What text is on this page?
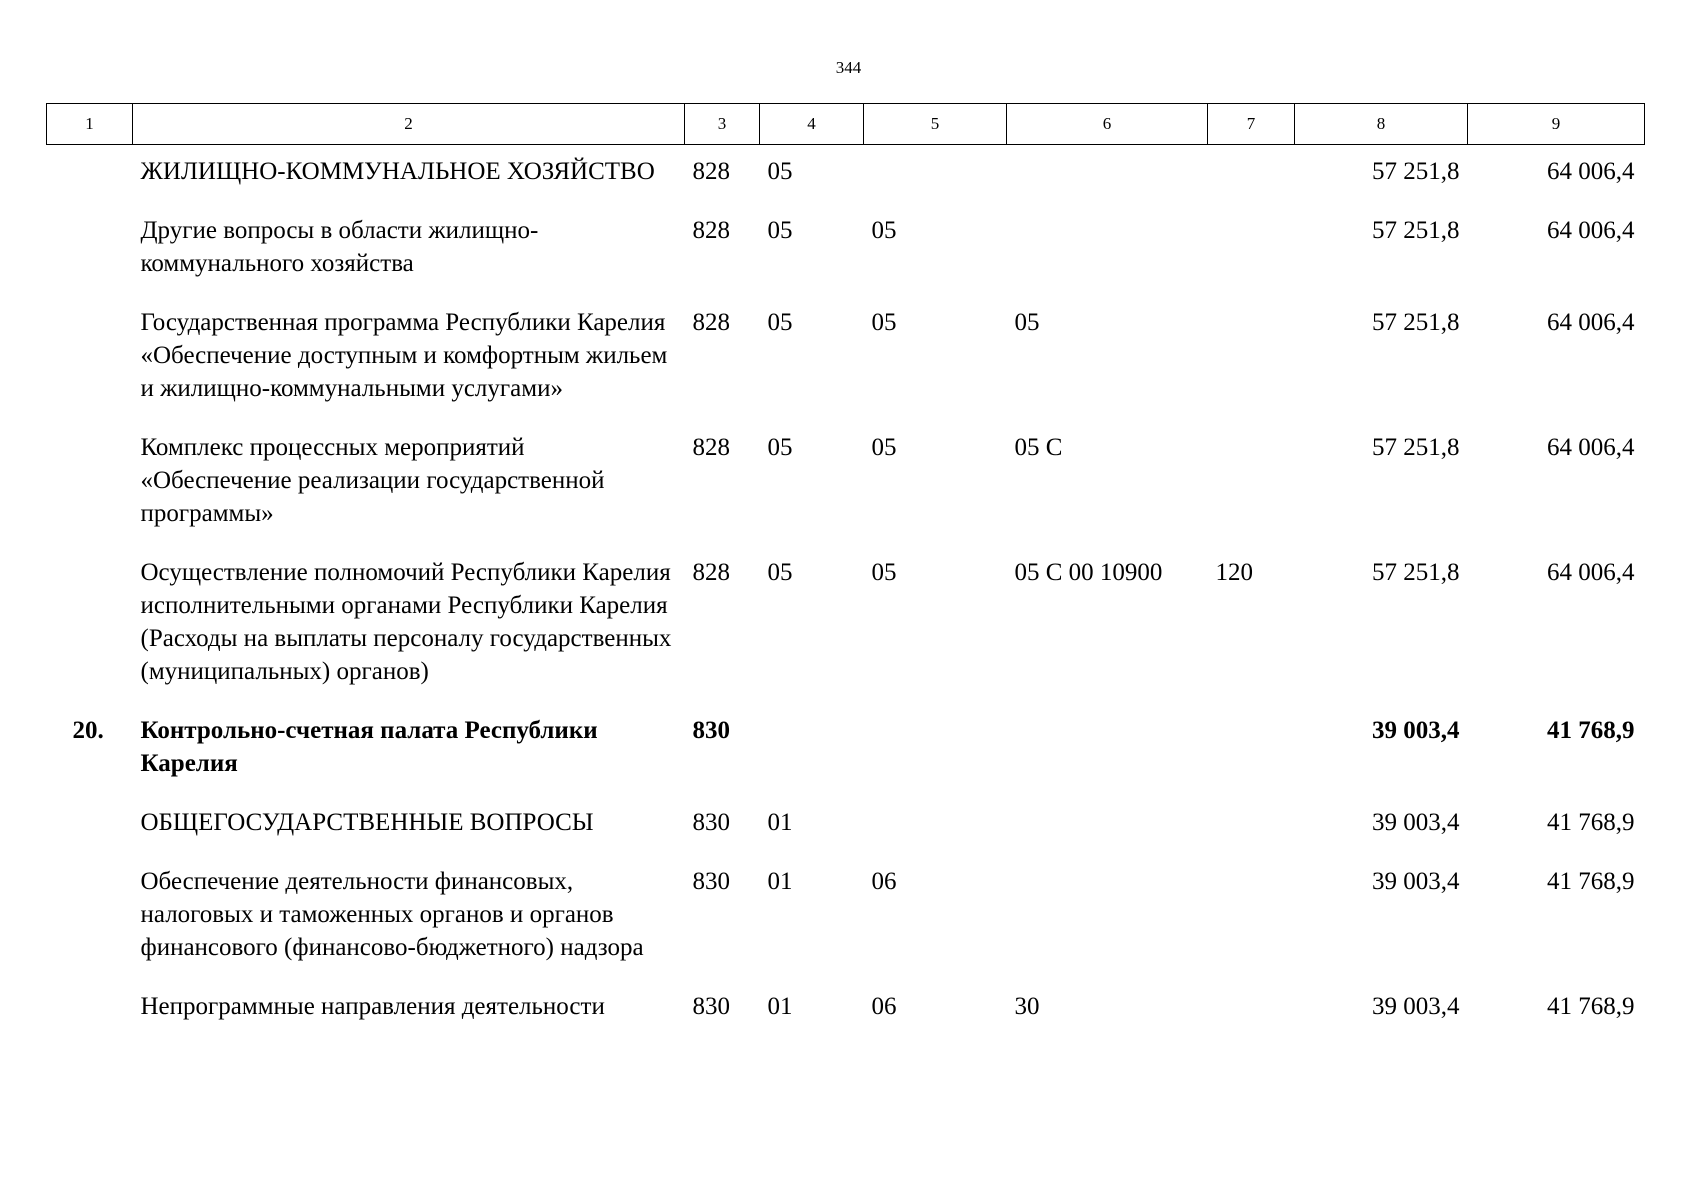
344
1	2	3	4	5	6	7	8	9
	ЖИЛИЩНО-КОММУНАЛЬНОЕ ХОЗЯЙСТВО	828	05				57 251,8	64 006,4
	Другие вопросы в области жилищно-коммунального хозяйства	828	05	05			57 251,8	64 006,4
	Государственная программа Республики Карелия «Обеспечение доступным и комфортным жильем и жилищно-коммунальными услугами»	828	05	05	05		57 251,8	64 006,4
	Комплекс процессных мероприятий «Обеспечение реализации государственной программы»	828	05	05	05 С		57 251,8	64 006,4
	Осуществление полномочий Республики Карелия исполнительными органами Республики Карелия (Расходы на выплаты персоналу государственных (муниципальных) органов)	828	05	05	05 С 00 10900	120	57 251,8	64 006,4
20.	Контрольно-счетная палата Республики Карелия	830					39 003,4	41 768,9
	ОБЩЕГОСУДАРСТВЕННЫЕ ВОПРОСЫ	830	01				39 003,4	41 768,9
	Обеспечение деятельности финансовых, налоговых и таможенных органов и органов финансового (финансово-бюджетного) надзора	830	01	06			39 003,4	41 768,9
	Непрограммные направления деятельности	830	01	06	30		39 003,4	41 768,9
